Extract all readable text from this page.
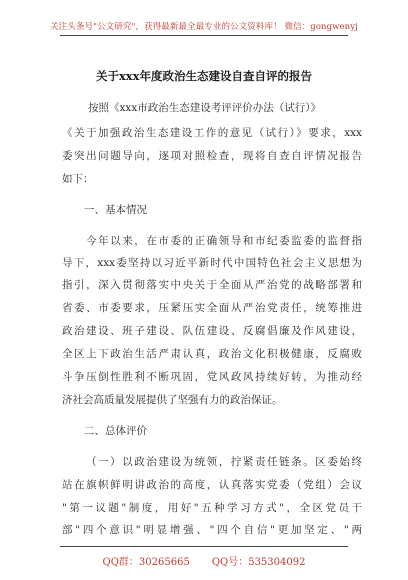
关注头条号"公文研究"，获得最新最全最专业的公文资料库！ 微信：gongwenyj
关于xxx年度政治生态建设自查自评的报告
按照《xxx市政治生态建设考评评价办法（试行）》
《关于加强政治生态建设工作的意见（试行）》要求，xxx
委突出问题导向，逐项对照检查，现将自查自评情况报告
如下：
一、基本情况
今年以来，在市委的正确领导和市纪委监委的监督指
导下，xxx委坚持以习近平新时代中国特色社会主义思想为
指引，深入贯彻落实中央关于全面从严治党的战略部署和
省委、市委要求，压紧压实全面从严治党责任，统筹推进
政治建设、班子建设、队伍建设、反腐倡廉及作风建设，
全区上下政治生活严肃认真，政治文化积极健康，反腐败
斗争压倒性胜利不断巩固，党风政风持续好转，为推动经
济社会高质量发展提供了坚强有力的政治保证。
二、总体评价
（一）以政治建设为统领，拧紧责任链条。区委始终
站在旗帜鲜明讲政治的高度，认真落实党委（党组）会议
"第一议题"制度，用好"五种学习方式"，全区党员干
部"四个意识"明显增强、"四个自信"更加坚定、"两
QQ群：30265665 QQ号：535304092
